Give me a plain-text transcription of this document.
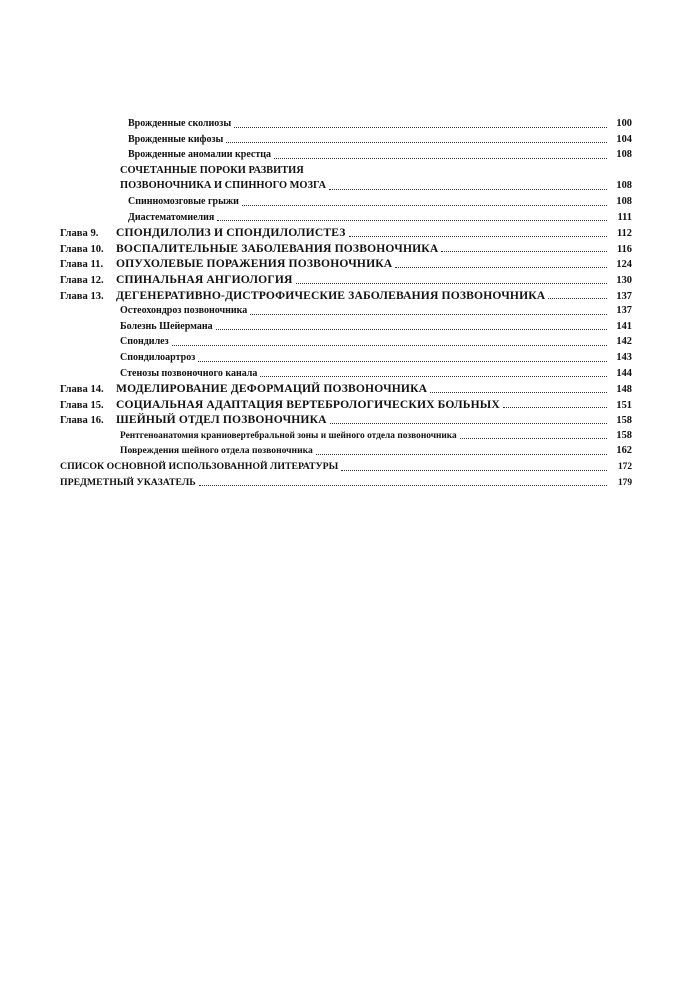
Врожденные сколиозы	100
Врожденные кифозы	104
Врожденные аномалии крестца	108
СОЧЕТАННЫЕ ПОРОКИ РАЗВИТИЯ
ПОЗВОНОЧНИКА И СПИННОГО МОЗГА	108
Спинномозговые грыжи	108
Диастематомиелия	111
Глава 9.	СПОНДИЛОЛИЗ И СПОНДИЛОЛИСТЕЗ	112
Глава 10.	ВОСПАЛИТЕЛЬНЫЕ ЗАБОЛЕВАНИЯ ПОЗВОНОЧНИКА	116
Глава 11.	ОПУХОЛЕВЫЕ ПОРАЖЕНИЯ ПОЗВОНОЧНИКА	124
Глава 12.	СПИНАЛЬНАЯ АНГИОЛОГИЯ	130
Глава 13.	ДЕГЕНЕРАТИВНО-ДИСТРОФИЧЕСКИЕ ЗАБОЛЕВАНИЯ ПОЗВОНОЧНИКА	137
Остеохондроз позвоночника	137
Болезнь Шейермана	141
Спондилез	142
Спондилоартроз	143
Стенозы позвоночного канала	144
Глава 14.	МОДЕЛИРОВАНИЕ ДЕФОРМАЦИЙ ПОЗВОНОЧНИКА	148
Глава 15.	СОЦИАЛЬНАЯ АДАПТАЦИЯ ВЕРТЕБРОЛОГИЧЕСКИХ БОЛЬНЫХ	151
Глава 16.	ШЕЙНЫЙ ОТДЕЛ ПОЗВОНОЧНИКА	158
Рентгеноанатомия краниовертебральной зоны и шейного отдела позвоночника	158
Повреждения шейного отдела позвоночника	162
СПИСОК ОСНОВНОЙ ИСПОЛЬЗОВАННОЙ ЛИТЕРАТУРЫ	172
ПРЕДМЕТНЫЙ УКАЗАТЕЛЬ	179
